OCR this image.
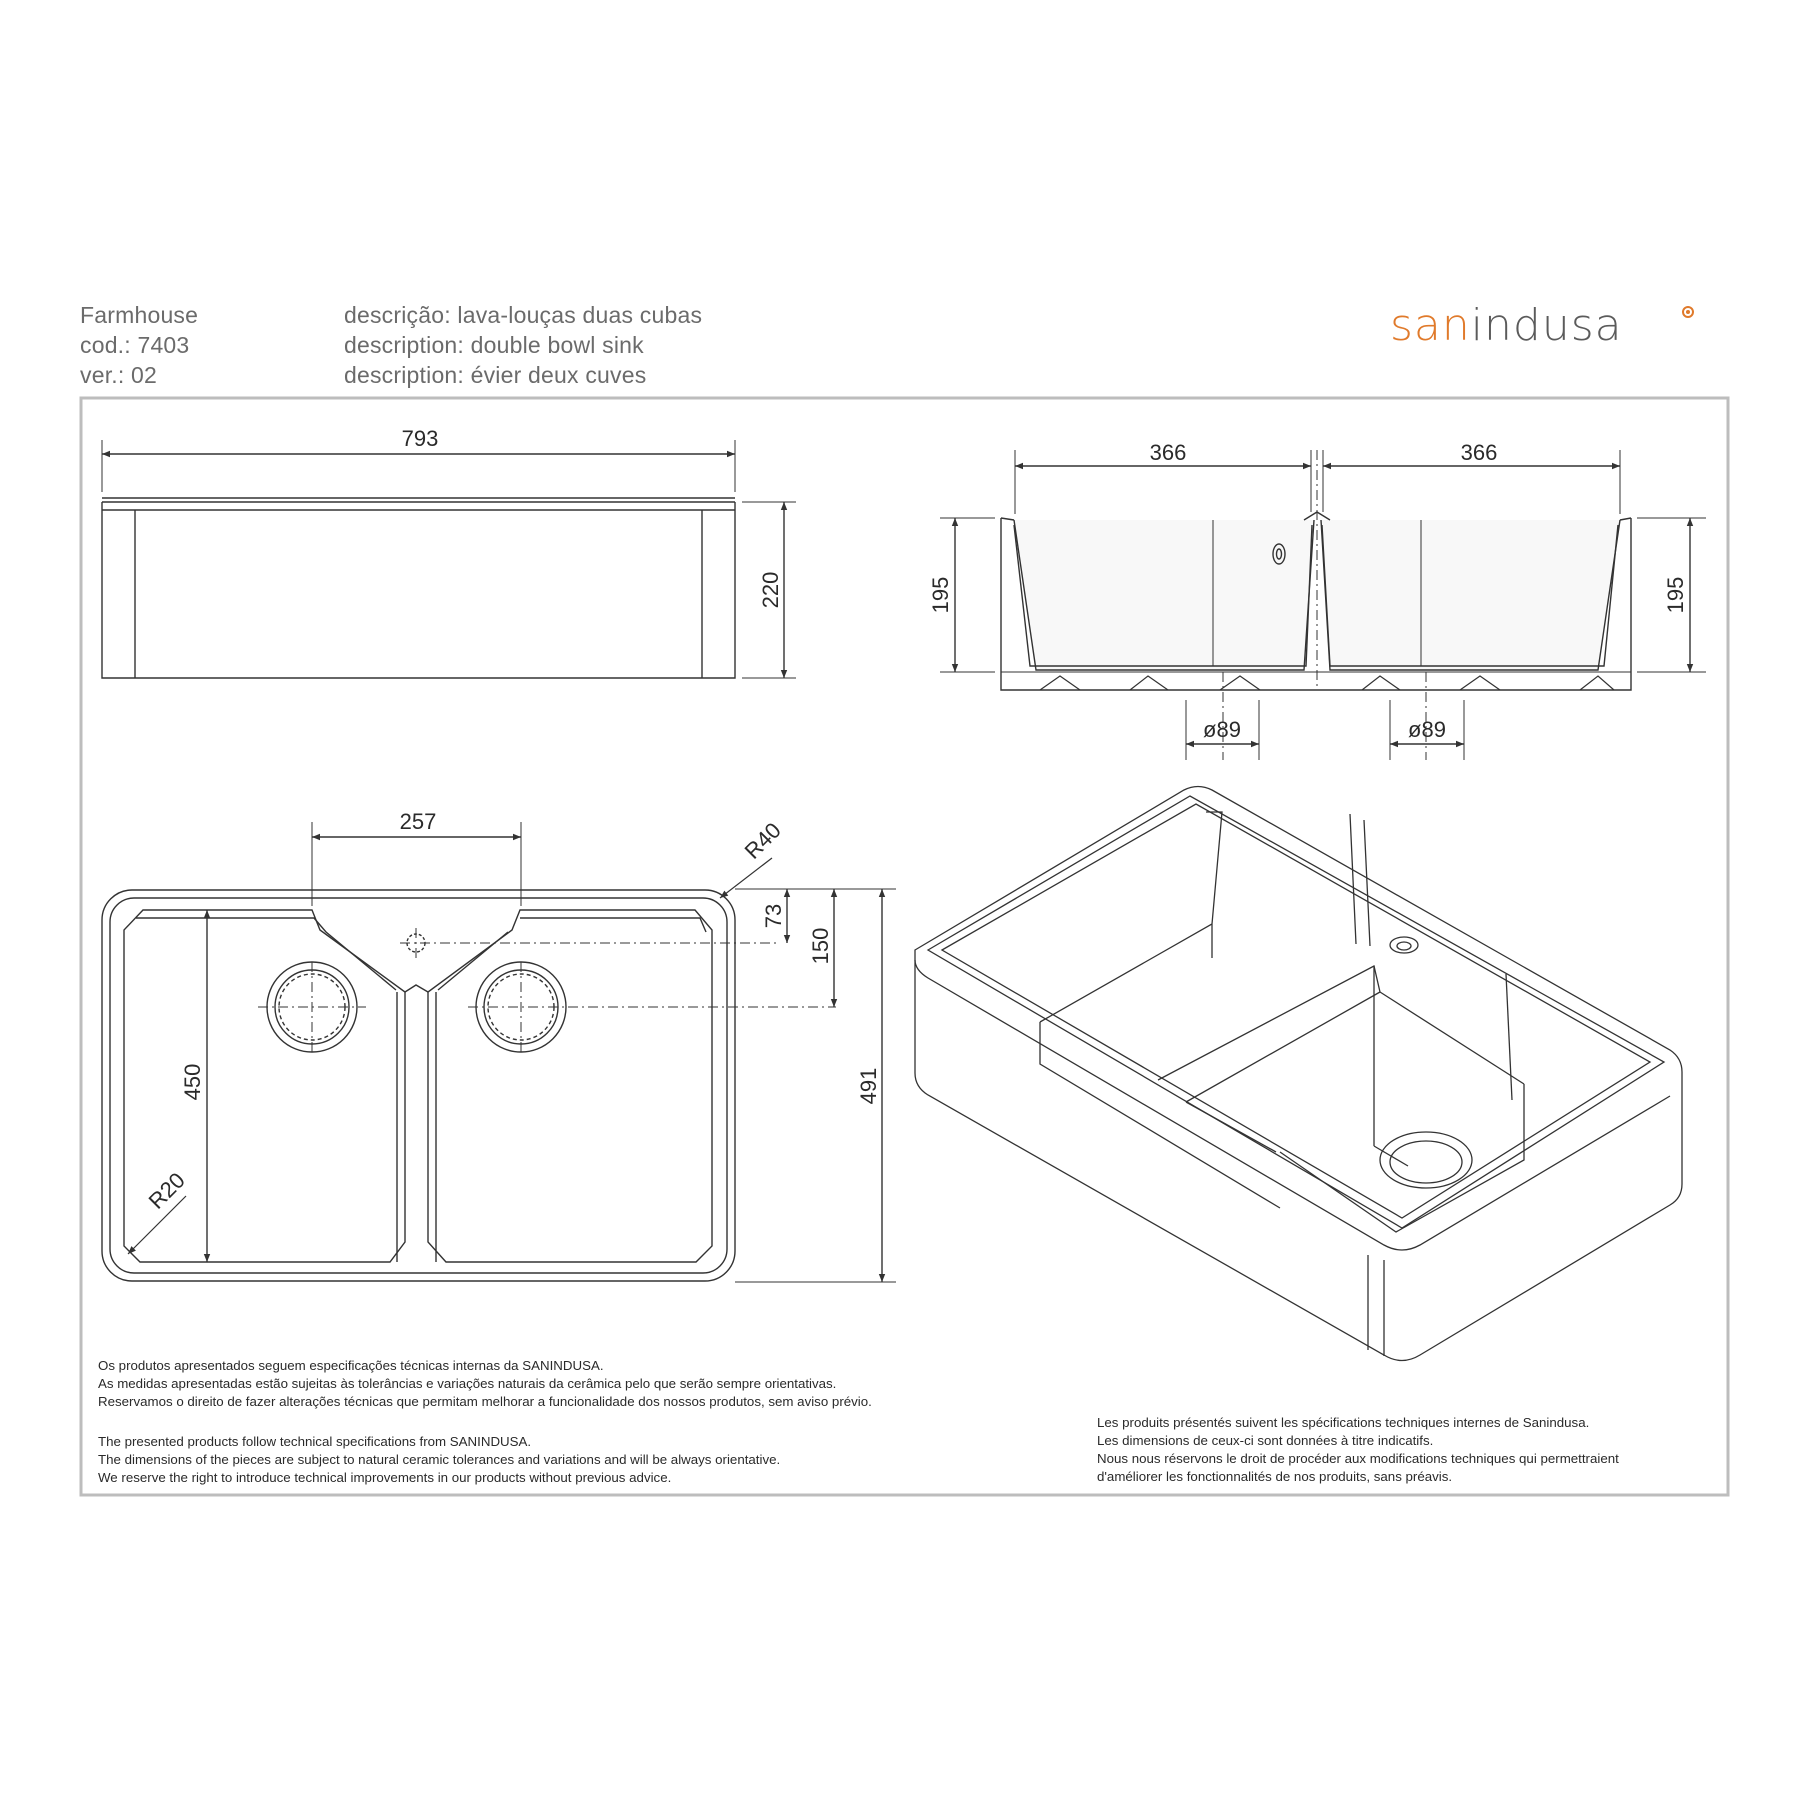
Farmhouse
cod.: 7403
ver.: 02
descrição: lava-louças duas cubas
description: double bowl sink
description: évier deux cuves
sanindusa
793
220
366	366
195	195
ø89	ø89
257	R40
73
150
491
450
R20
Os produtos apresentados seguem especificações técnicas internas da SANINDUSA.
As medidas apresentadas estão sujeitas às tolerâncias e variações naturais da cerâmica pelo que serão sempre orientativas.
Reservamos o direito de fazer alterações técnicas que permitam melhorar a funcionalidade dos nossos produtos, sem aviso prévio.
The presented products follow technical specifications from SANINDUSA.
The dimensions of the pieces are subject to natural ceramic tolerances and variations and will be always orientative.
We reserve the right to introduce technical improvements in our products without previous advice.
Les produits présentés suivent les spécifications techniques internes de Sanindusa.
Les dimensions de ceux-ci sont données à titre indicatifs.
Nous nous réservons le droit de procéder aux modifications techniques qui permettraient
d'améliorer les fonctionnalités de nos produits, sans préavis.
